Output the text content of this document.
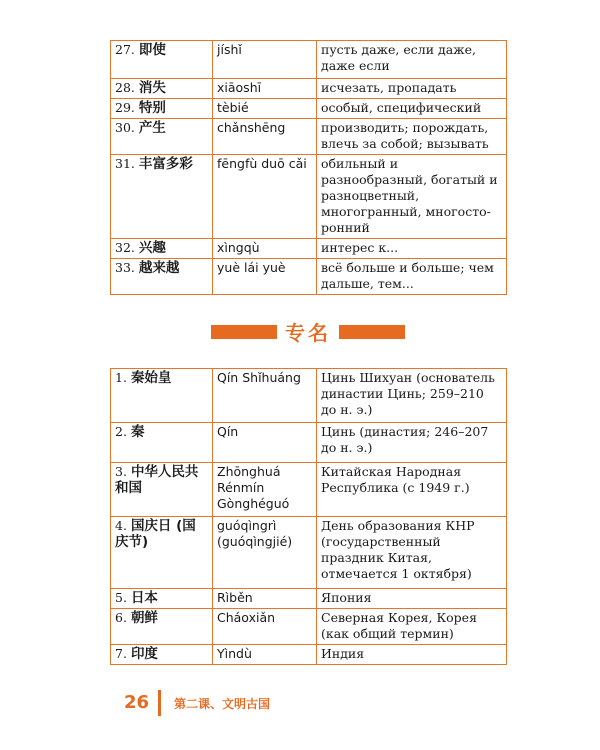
27. 即使	jíshǐ	пусть даже, если даже, даже если
28. 消失	xiāoshī	исчезать, пропадать
29. 特别	tèbié	особый, специфический
30. 产生	chǎnshēng	производить; порождать, влечь за собой; вызывать
31. 丰富多彩	fēngfù duō cǎi	обильный и разнообразный, богатый и разноцветный, многогранный, многосто-ронний
32. 兴趣	xìngqù	интерес к...
33. 越来越	yuè lái yuè	всё больше и больше; чем дальше, тем...
专名
1. 秦始皇	Qín Shǐhuáng	Цинь Шихуан (основатель династии Цинь; 259–210 до н. э.)
2. 秦	Qín	Цинь (династия; 246–207 до н. э.)
3. 中华人民共和国	Zhōnghuá Rénmín Gònghéguó	Китайская Народная Республика (с 1949 г.)
4. 国庆日 (国庆节)	guóqìngrì (guóqìngjié)	День образования КНР (государственный праздник Китая, отмечается 1 октября)
5. 日本	Rìběn	Япония
6. 朝鲜	Cháoxiǎn	Северная Корея, Корея (как общий термин)
7. 印度	Yìndù	Индия
26 第二课、文明古国
